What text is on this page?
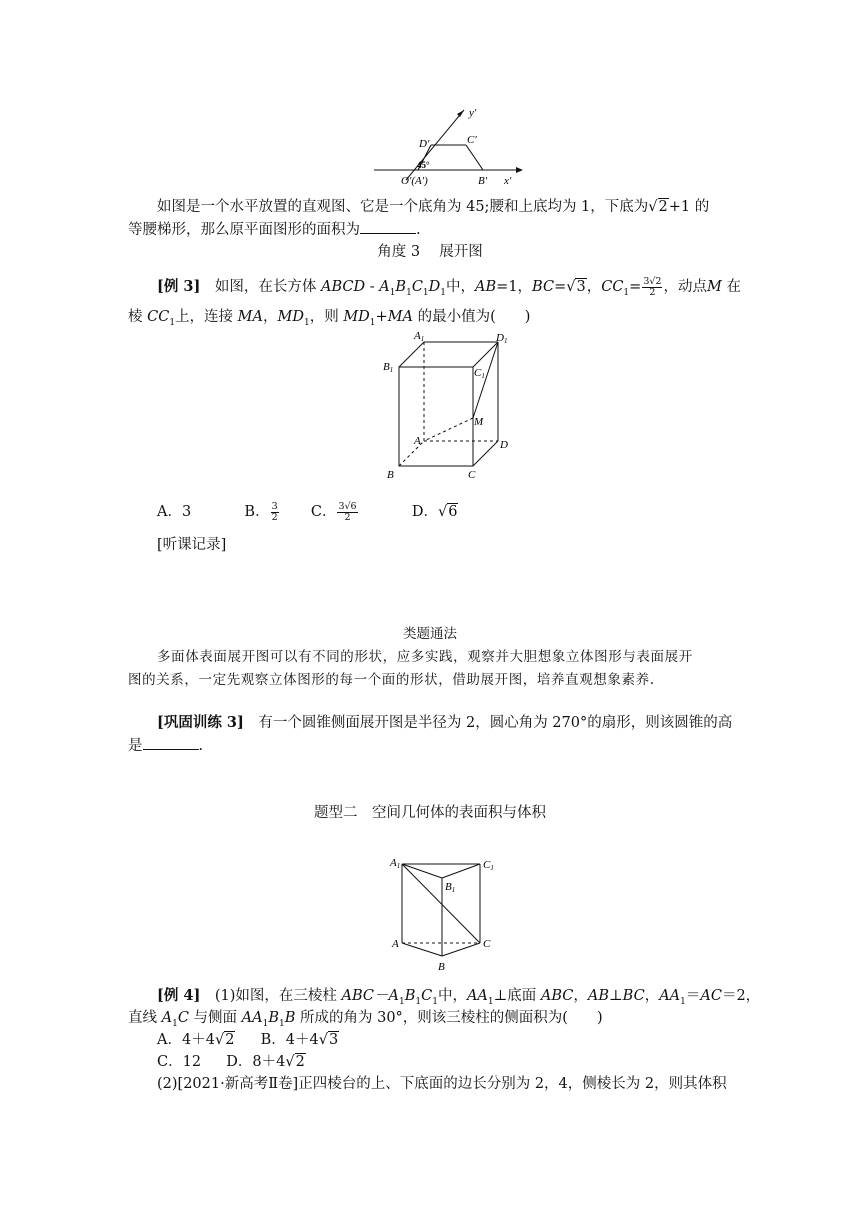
y′
x′
D′	C′
45°
O′(A′)	B′
如图是一个水平放置的直观图、它是一个底角为 45;腰和上底均为 1，下底为√2+1 的
等腰梯形，那么原平面图形的面积为	.
角度 3　 展开图
[例 3]　 如图，在长方体 ABCD - $A_1B_1C_1D_1$中，AB=1，BC=√3，$CC_1= \frac{3√2}{2}$ ，动点M 在
棱 $CC_1$上，连接 MA，$MD_1$，则 $MD_1+MA$ 的最小值为(　　)
A1	D1
B1	C1
M
A	D
B	C
A．3	B． $\frac{3}{2}$ C． $\frac{3√6}{2}$	D．√6
[听课记录]
类题通法
多面体表面展开图可以有不同的形状，应多实践，观察并大胆想象立体图形与表面展开
图的关系，一定先观察立体图形的每一个面的形状，借助展开图，培养直观想象素养.
[巩固训练 3]　 有一个圆锥侧面展开图是半径为 2，圆心角为 270°的扇形，则该圆锥的高
是	.
题型二　空间几何体的表面积与体积
A1	C1
B1
A	C
B
[例 4]　 (1)如图，在三棱柱 $ABC-A_1B_1C_1$中，$AA_1\perp$底面 ABC，AB⊥BC，$AA_1=AC=2$，
直线 $A_1C$ 与侧面 $AA_1B_1B$ 所成的角为 30°，则该三棱柱的侧面积为(　　)
A．4＋4√2 B．4＋4√3
C．12 D．8＋4√2
(2)[2021·新高考Ⅱ卷]正四棱台的上、下底面的边长分别为 2，4，侧棱长为 2，则其体积
